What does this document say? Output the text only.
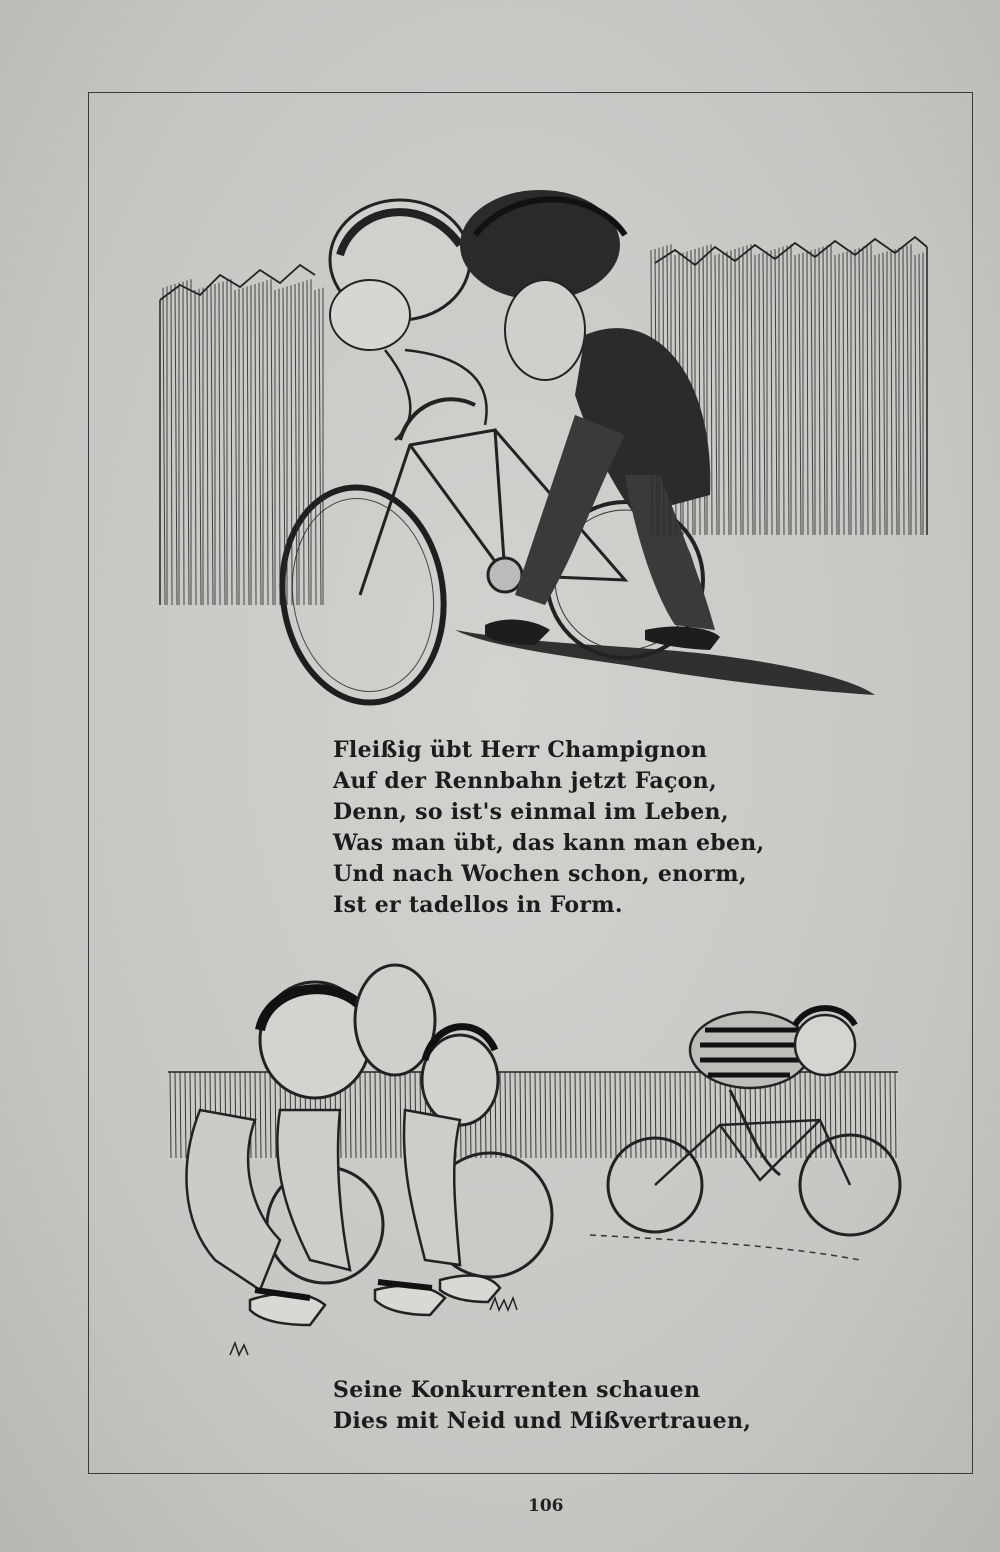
Fleißig übt Herr Champignon
Auf der Rennbahn jetzt Façon,
Denn, so ist's einmal im Leben,
Was man übt, das kann man eben,
Und nach Wochen schon, enorm,
Ist er tadellos in Form.
Seine Konkurrenten schauen
Dies mit Neid und Mißvertrauen,
106
